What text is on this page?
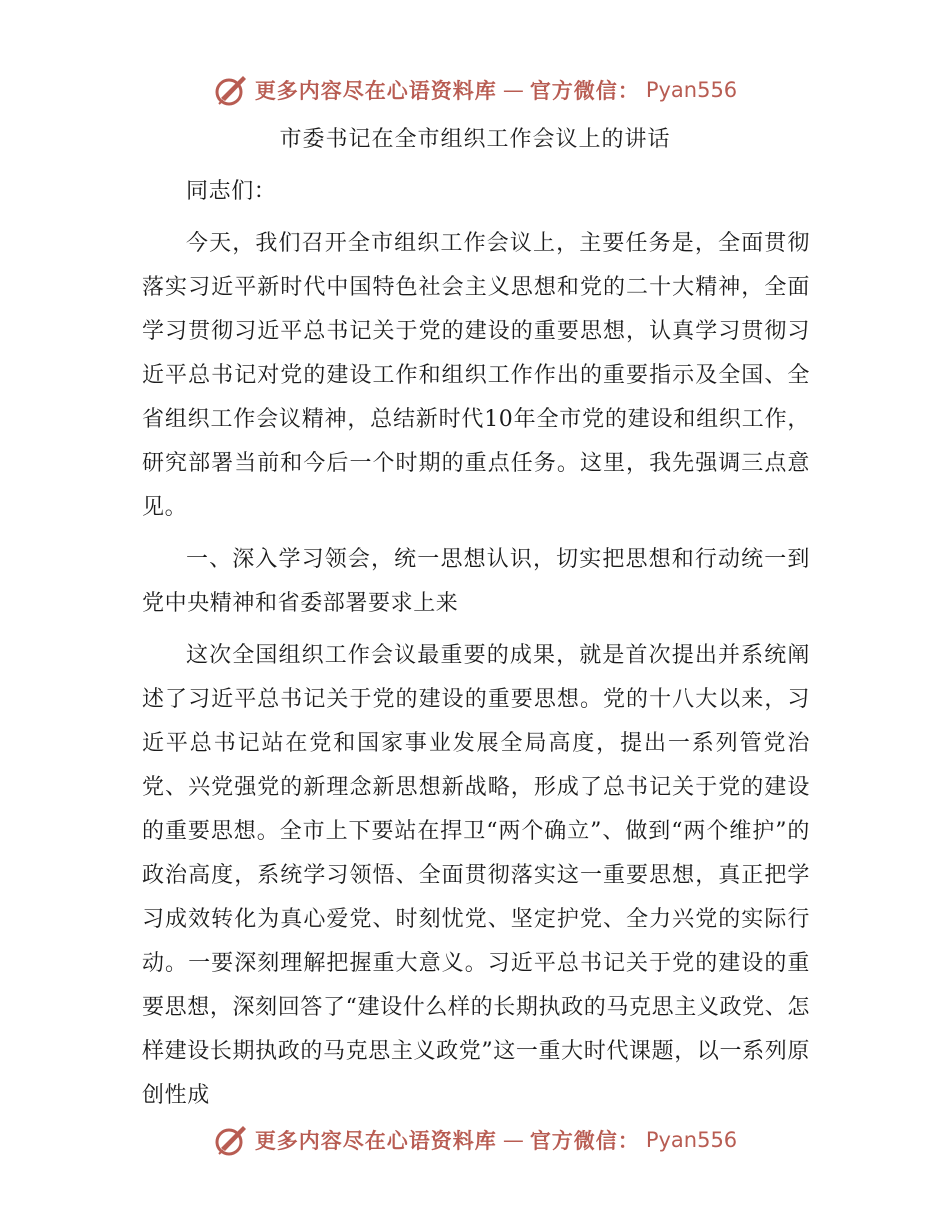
更多内容尽在心语资料库 — 官方微信： Pyan556
市委书记在全市组织工作会议上的讲话

同志们：

今天，我们召开全市组织工作会议上，主要任务是，全面贯彻落实习近平新时代中国特色社会主义思想和党的二十大精神，全面学习贯彻习近平总书记关于党的建设的重要思想，认真学习贯彻习近平总书记对党的建设工作和组织工作作出的重要指示及全国、全省组织工作会议精神，总结新时代10年全市党的建设和组织工作，研究部署当前和今后一个时期的重点任务。这里，我先强调三点意见。

一、深入学习领会，统一思想认识，切实把思想和行动统一到党中央精神和省委部署要求上来

这次全国组织工作会议最重要的成果，就是首次提出并系统阐述了习近平总书记关于党的建设的重要思想。党的十八大以来，习近平总书记站在党和国家事业发展全局高度，提出一系列管党治党、兴党强党的新理念新思想新战略，形成了总书记关于党的建设的重要思想。全市上下要站在捍卫“两个确立”、做到“两个维护”的政治高度，系统学习领悟、全面贯彻落实这一重要思想，真正把学习成效转化为真心爱党、时刻忧党、坚定护党、全力兴党的实际行动。一要深刻理解把握重大意义。习近平总书记关于党的建设的重要思想，深刻回答了“建设什么样的长期执政的马克思主义政党、怎样建设长期执政的马克思主义政党”这一重大时代课题，以一系列原创性成

更多内容尽在心语资料库 — 官方微信： Pyan556
